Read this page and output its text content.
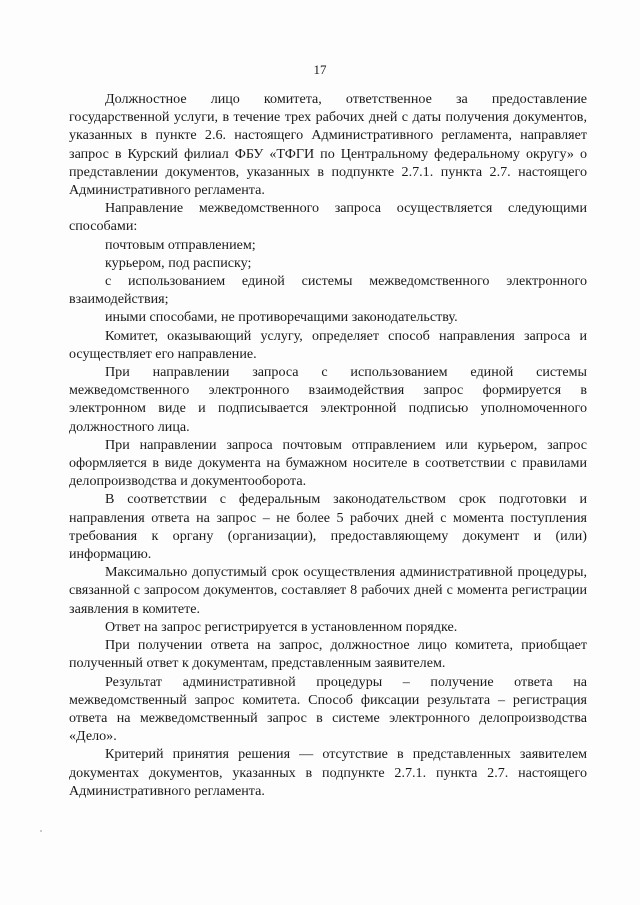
17

Должностное лицо комитета, ответственное за предоставление государственной услуги, в течение трех рабочих дней с даты получения документов, указанных в пункте 2.6. настоящего Административного регламента, направляет запрос в Курский филиал ФБУ «ТФГИ по Центральному федеральному округу» о представлении документов, указанных в подпункте 2.7.1. пункта 2.7. настоящего Административного регламента.

Направление межведомственного запроса осуществляется следующими способами:

почтовым отправлением;

курьером, под расписку;

с использованием единой системы межведомственного электронного взаимодействия;

иными способами, не противоречащими законодательству.

Комитет, оказывающий услугу, определяет способ направления запроса и осуществляет его направление.

При направлении запроса с использованием единой системы межведомственного электронного взаимодействия запрос формируется в электронном виде и подписывается электронной подписью уполномоченного должностного лица.

При направлении запроса почтовым отправлением или курьером, запрос оформляется в виде документа на бумажном носителе в соответствии с правилами делопроизводства и документооборота.

В соответствии с федеральным законодательством срок подготовки и направления ответа на запрос – не более 5 рабочих дней с момента поступления требования к органу (организации), предоставляющему документ и (или) информацию.

Максимально допустимый срок осуществления административной процедуры, связанной с запросом документов, составляет 8 рабочих дней с момента регистрации заявления в комитете.

Ответ на запрос регистрируется в установленном порядке.

При получении ответа на запрос, должностное лицо комитета, приобщает полученный ответ к документам, представленным заявителем.

Результат административной процедуры – получение ответа на межведомственный запрос комитета. Способ фиксации результата – регистрация ответа на межведомственный запрос в системе электронного делопроизводства «Дело».

Критерий принятия решения — отсутствие в представленных заявителем документах документов, указанных в подпункте 2.7.1. пункта 2.7. настоящего Административного регламента.
